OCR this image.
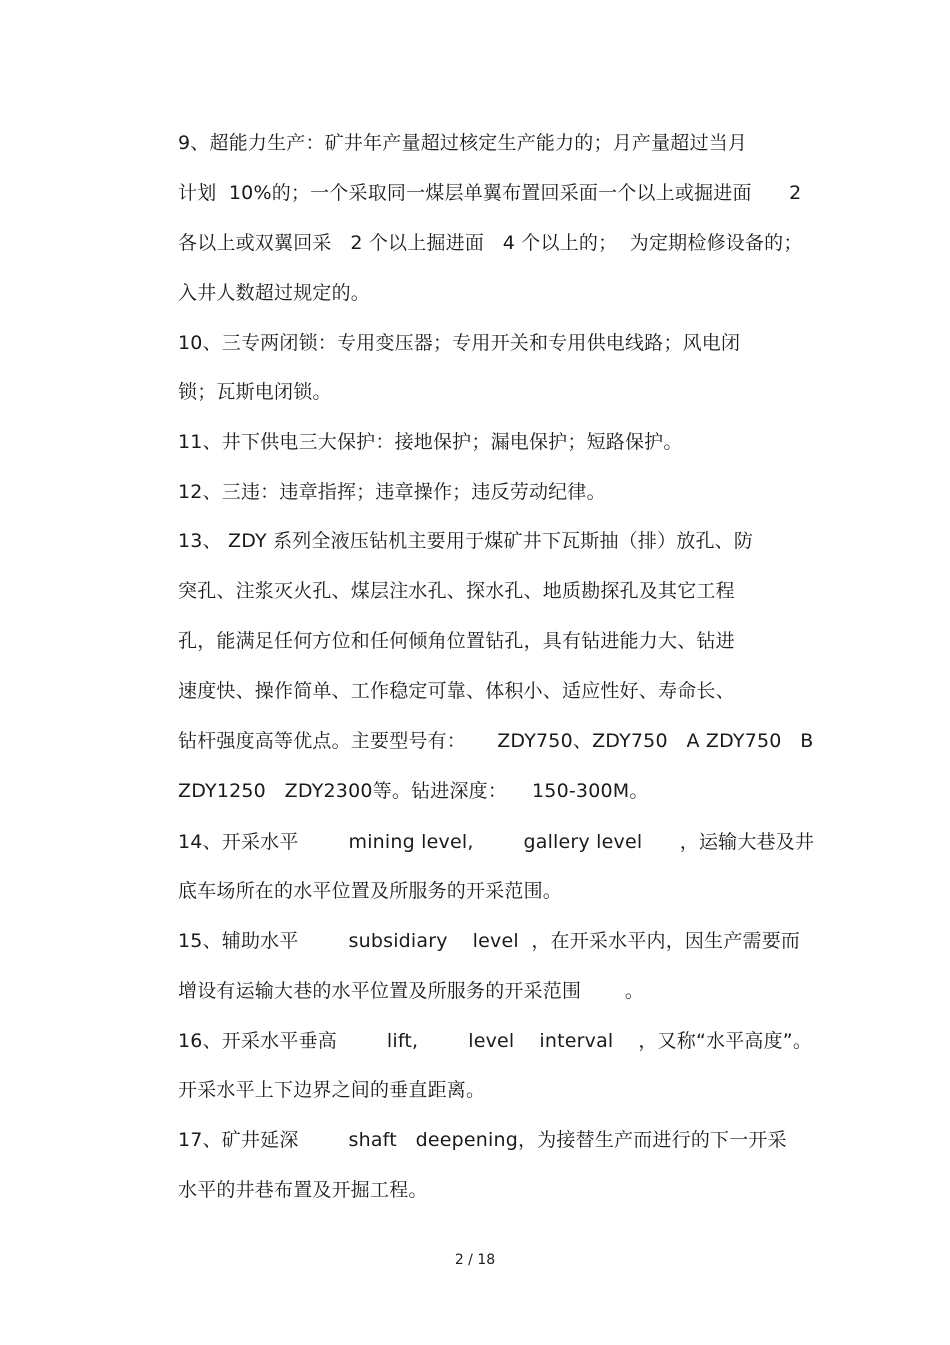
9、超能力生产：矿井年产量超过核定生产能力的；月产量超过当月
计划  10%的；一个采取同一煤层单翼布置回采面一个以上或掘进面      2
各以上或双翼回采   2 个以上掘进面   4 个以上的；  为定期检修设备的；
入井人数超过规定的。
10、三专两闭锁：专用变压器；专用开关和专用供电线路；风电闭
锁；瓦斯电闭锁。
11、井下供电三大保护：接地保护；漏电保护；短路保护。
12、三违：违章指挥；违章操作；违反劳动纪律。
13、 ZDY 系列全液压钻机主要用于煤矿井下瓦斯抽（排）放孔、防
突孔、注浆灭火孔、煤层注水孔、探水孔、地质勘探孔及其它工程
孔，能满足任何方位和任何倾角位置钻孔，具有钻进能力大、钻进
速度快、操作简单、工作稳定可靠、体积小、适应性好、寿命长、
钻杆强度高等优点。主要型号有：     ZDY750、ZDY750   A ZDY750   B
ZDY1250   ZDY2300等。钻进深度：    150-300M。
14、开采水平        mining level,        gallery level      ，运输大巷及井
底车场所在的水平位置及所服务的开采范围。
15、辅助水平        subsidiary    level  ，在开采水平内，因生产需要而
增设有运输大巷的水平位置及所服务的开采范围       。
16、开采水平垂高        lift,        level    interval    ，又称“水平高度”。
开采水平上下边界之间的垂直距离。
17、矿井延深        shaft   deepening，为接替生产而进行的下一开采
水平的井巷布置及开掘工程。
2 / 18
